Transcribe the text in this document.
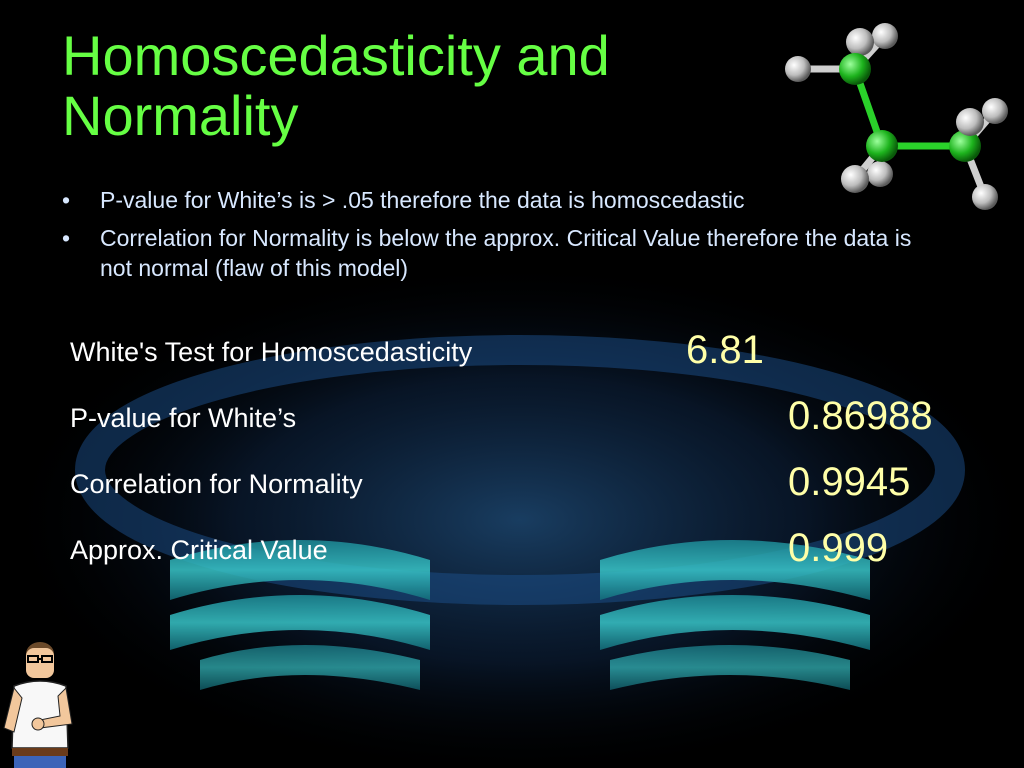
Homoscedasticity and
Normality
• P-value for White’s is > .05 therefore the data is homoscedastic
• Correlation for Normality is below the approx. Critical Value therefore the data is not normal (flaw of this model)
White's Test for Homoscedasticity	6.81
P-value for White’s	0.86988
Correlation for Normality	0.9945
Approx. Critical Value	0.999
